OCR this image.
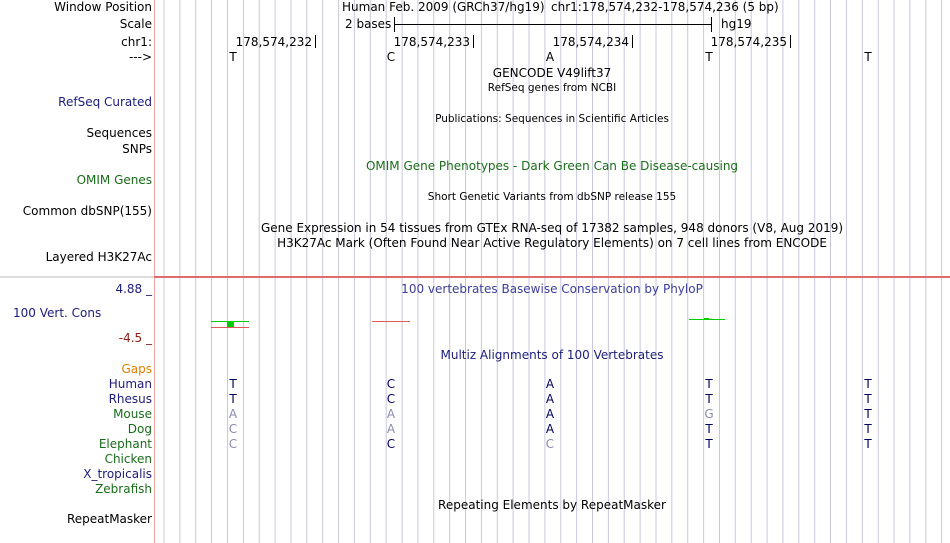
Window Position	Human Feb. 2009 (GRCh37/hg19) chr1:178,574,232-178,574,236 (5 bp)
Scale	2 bases	hg19
chr1:	178,574,232	178,574,233	178,574,234	178,574,235
--->	T	C	A	T	T
GENCODE V49lift37
RefSeq genes from NCBI
RefSeq Curated
Publications: Sequences in Scientific Articles
Sequences
SNPs
OMIM Gene Phenotypes - Dark Green Can Be Disease-causing
OMIM Genes
Short Genetic Variants from dbSNP release 155
Common dbSNP(155)
Gene Expression in 54 tissues from GTEx RNA-seq of 17382 samples, 948 donors (V8, Aug 2019)
H3K27Ac Mark (Often Found Near Active Regulatory Elements) on 7 cell lines from ENCODE
Layered H3K27Ac
4.88 _	100 vertebrates Basewise Conservation by PhyloP
100 Vert. Cons
-4.5 _
Multiz Alignments of 100 Vertebrates
Gaps
Human	T	C	A	T	T
Rhesus	T	C	A	T	T
Mouse	A	A	A	G	T
Dog	C	A	A	T	T
Elephant	C	C	C	T	T
Chicken
X_tropicalis
Zebrafish
Repeating Elements by RepeatMasker
RepeatMasker
